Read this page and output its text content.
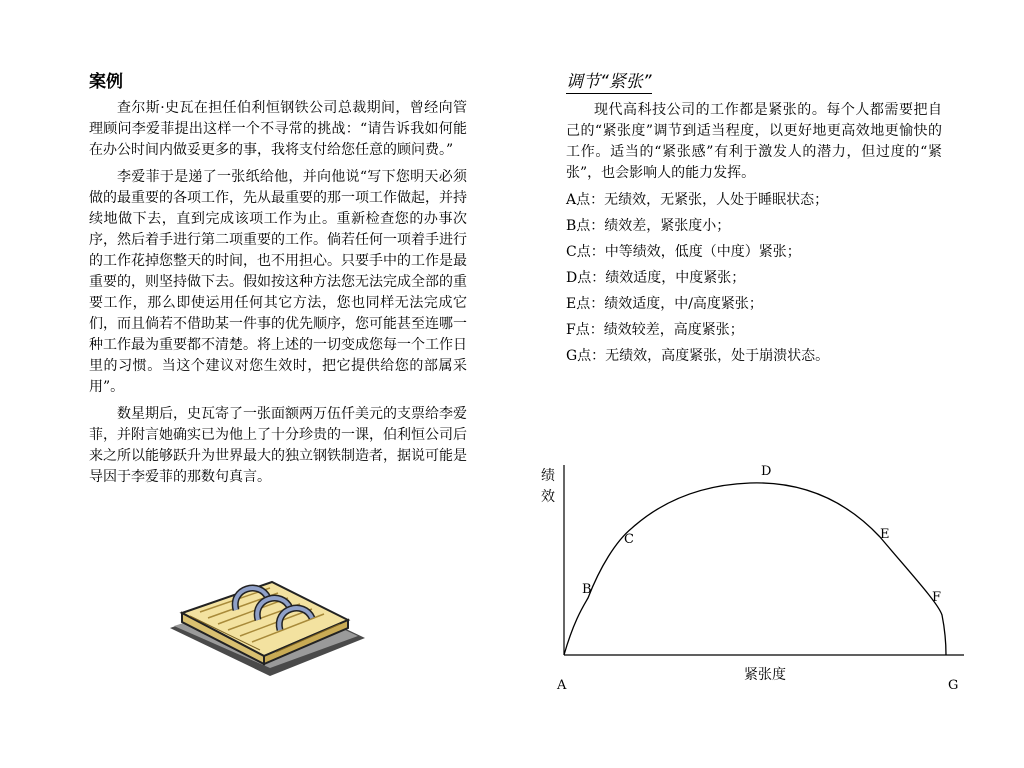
案例

查尔斯·史瓦在担任伯利恒钢铁公司总裁期间，曾经向管理顾问李爱菲提出这样一个不寻常的挑战：“请告诉我如何能在办公时间内做妥更多的事，我将支付给您任意的顾问费。”

李爱菲于是递了一张纸给他，并向他说“写下您明天必须做的最重要的各项工作，先从最重要的那一项工作做起，并持续地做下去，直到完成该项工作为止。重新检查您的办事次序，然后着手进行第二项重要的工作。倘若任何一项着手进行的工作花掉您整天的时间，也不用担心。只要手中的工作是最重要的，则坚持做下去。假如按这种方法您无法完成全部的重要工作，那么即使运用任何其它方法，您也同样无法完成它们，而且倘若不借助某一件事的优先顺序，您可能甚至连哪一种工作最为重要都不清楚。将上述的一切变成您每一个工作日里的习惯。当这个建议对您生效时，把它提供给您的部属采用”。

数星期后，史瓦寄了一张面额两万伍仟美元的支票给李爱菲，并附言她确实已为他上了十分珍贵的一课，伯利恒公司后来之所以能够跃升为世界最大的独立钢铁制造者，据说可能是导因于李爱菲的那数句真言。

调节“紧张”

现代高科技公司的工作都是紧张的。每个人都需要把自己的“紧张度”调节到适当程度，以更好地更高效地更愉快的工作。适当的“紧张感”有利于激发人的潜力，但过度的“紧张”，也会影响人的能力发挥。

A点：无绩效，无紧张，人处于睡眠状态；
B点：绩效差，紧张度小；
C点：中等绩效，低度（中度）紧张；
D点：绩效适度，中度紧张；
E点：绩效适度，中/高度紧张；
F点：绩效较差，高度紧张；
G点：无绩效，高度紧张，处于崩溃状态。
绩
效
紧张度
A
B
C
D
E
F
G
